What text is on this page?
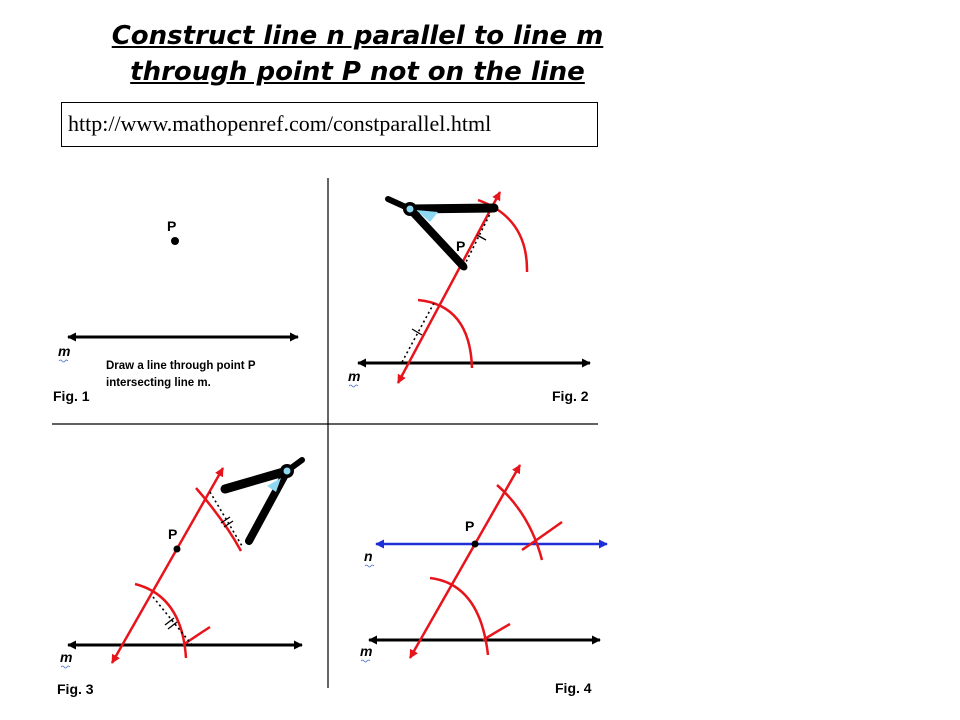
Construct line n parallel to line m
through point P not on the line
http://www.mathopenref.com/constparallel.html
P
m
Draw a line through point P
intersecting line m.
Fig. 1
m
P
Fig. 2
m
P
Fig. 3
m
n
P
Fig. 4
